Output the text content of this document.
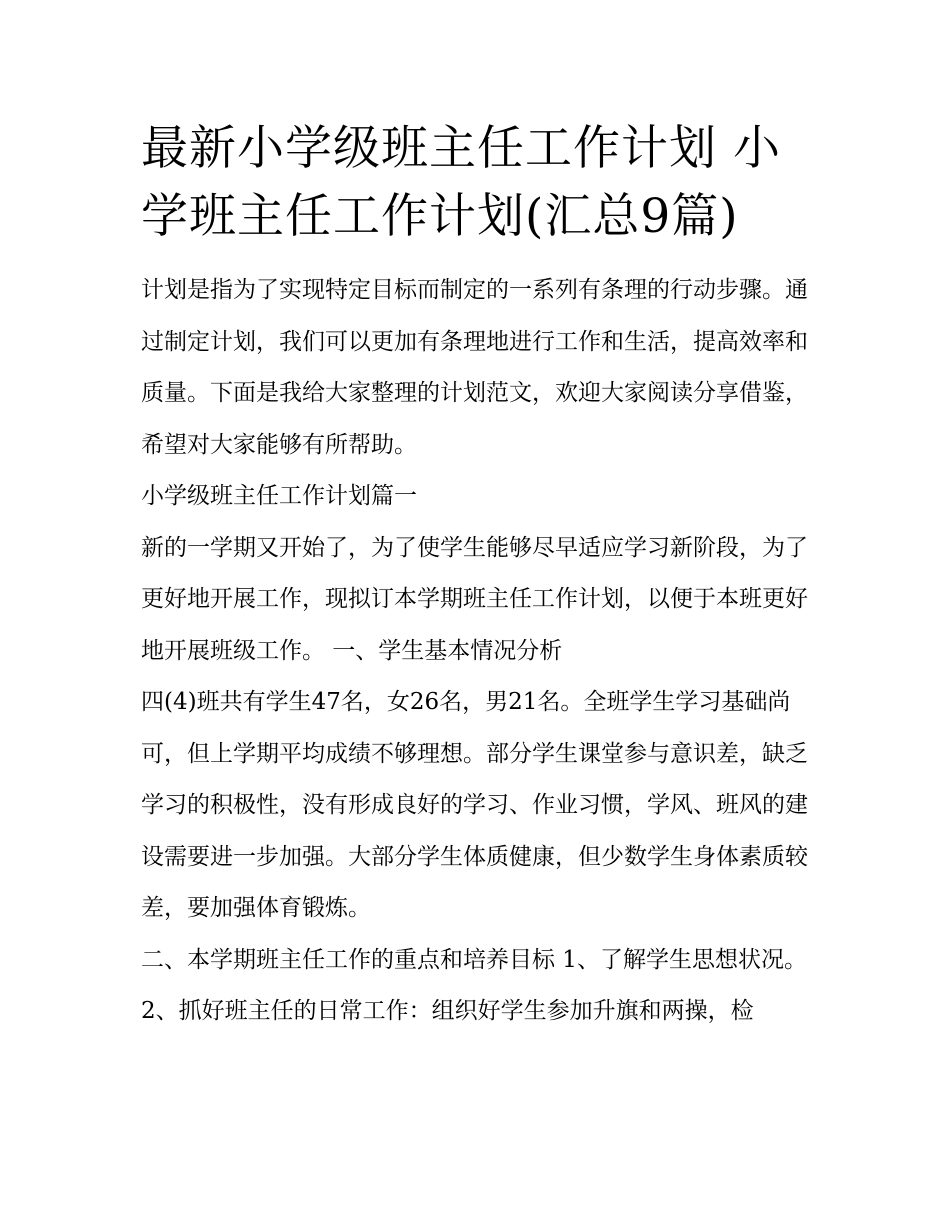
最新小学级班主任工作计划 小学班主任工作计划(汇总9篇)

计划是指为了实现特定目标而制定的一系列有条理的行动步骤。通过制定计划，我们可以更加有条理地进行工作和生活，提高效率和质量。下面是我给大家整理的计划范文，欢迎大家阅读分享借鉴，希望对大家能够有所帮助。

小学级班主任工作计划篇一

新的一学期又开始了，为了使学生能够尽早适应学习新阶段，为了更好地开展工作，现拟订本学期班主任工作计划，以便于本班更好地开展班级工作。 一、学生基本情况分析

四(4)班共有学生47名，女26名，男21名。全班学生学习基础尚可，但上学期平均成绩不够理想。部分学生课堂参与意识差，缺乏学习的积极性，没有形成良好的学习、作业习惯，学风、班风的建设需要进一步加强。大部分学生体质健康，但少数学生身体素质较差，要加强体育锻炼。

二、本学期班主任工作的重点和培养目标 1、了解学生思想状况。

2、抓好班主任的日常工作：组织好学生参加升旗和两操，检
